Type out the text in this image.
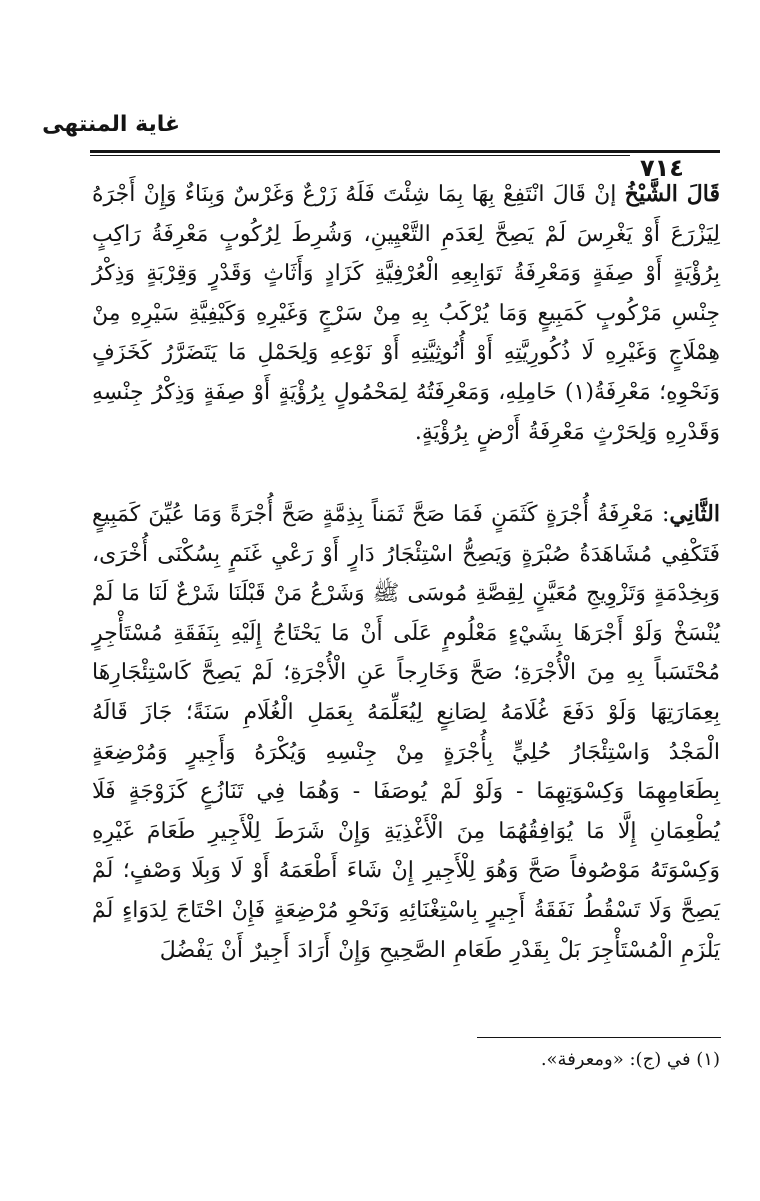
غاية المنتهى
٧١٤
قَالَ الشَّيْخُ إنْ قَالَ انْتَفِعْ بِهَا بِمَا شِئْتَ فَلَهُ زَرْعٌ وَغَرْسٌ وَبِنَاءٌ وَإِنْ أَجْرَهُ لِيَزْرَعَ أَوْ يَغْرِسَ لَمْ يَصِحَّ لِعَدَمِ التَّعْيِينِ، وَشُرِطَ لِرُكُوبٍ مَعْرِفَةُ رَاكِبٍ بِرُؤْيَةٍ أَوْ صِفَةٍ وَمَعْرِفَةُ تَوَابِعِهِ الْعُرْفِيَّةِ كَزَادٍ وَأَثَاثٍ وَقَدْرٍ وَقِرْبَةٍ وَذِكْرُ جِنْسِ مَرْكُوبٍ كَمَبِيعٍ وَمَا يُرْكَبُ بِهِ مِنْ سَرْجٍ وَغَيْرِهِ وَكَيْفِيَّةِ سَيْرِهِ مِنْ هِمْلَاجٍ وَغَيْرِهِ لَا ذُكُورِيَّتِهِ أَوْ أُنُوثِيَّتِهِ أَوْ نَوْعِهِ وَلِحَمْلِ مَا يَتَضَرَّرُ كَخَزَفٍ وَنَحْوِهِ؛ مَعْرِفَةُ(١) حَامِلِهِ، وَمَعْرِفَتُهُ لِمَحْمُولٍ بِرُؤْيَةٍ أَوْ صِفَةٍ وَذِكْرُ جِنْسِهِ وَقَدْرِهِ وَلِحَرْثٍ مَعْرِفَةُ أَرْضٍ بِرُؤْيَةٍ.
الثَّانِي: مَعْرِفَةُ أُجْرَةٍ كَثَمَنٍ فَمَا صَحَّ ثَمَناً بِذِمَّةٍ صَحَّ أُجْرَةً وَمَا عُيِّنَ كَمَبِيعٍ فَتَكْفِي مُشَاهَدَةُ صُبْرَةٍ وَيَصِحُّ اسْتِئْجَارُ دَارٍ أَوْ رَعْيِ غَنَمٍ بِسُكْنَى أُخْرَى، وَبِخِدْمَةٍ وَتَزْوِيجِ مُعَيَّنٍ لِقِصَّةِ مُوسَى ﷺ وَشَرْعُ مَنْ قَبْلَنَا شَرْعٌ لَنَا مَا لَمْ يُنْسَخْ وَلَوْ أَجْرَهَا بِشَيْءٍ مَعْلُومٍ عَلَى أَنْ مَا يَحْتَاجُ إِلَيْهِ بِنَفَقَةِ مُسْتَأْجِرٍ مُحْتَسَباً بِهِ مِنَ الْأُجْرَةِ؛ صَحَّ وَخَارِجاً عَنِ الْأُجْرَةِ؛ لَمْ يَصِحَّ كَاسْتِئْجَارِهَا بِعِمَارَتِهَا وَلَوْ دَفَعَ غُلَامَهُ لِصَانِعٍ لِيُعَلِّمَهُ بِعَمَلِ الْغُلَامِ سَنَةً؛ جَازَ قَالَهُ الْمَجْدُ وَاسْتِئْجَارُ حُلِيٍّ بِأُجْرَةٍ مِنْ جِنْسِهِ وَيُكْرَهُ وَأَجِيرٍ وَمُرْضِعَةٍ بِطَعَامِهِمَا وَكِسْوَتِهِمَا - وَلَوْ لَمْ يُوصَفَا - وَهُمَا فِي تَنَازُعٍ كَزَوْجَةٍ فَلَا يُطْعِمَانِ إِلَّا مَا يُوَافِقُهُمَا مِنَ الْأَغْذِيَةِ وَإِنْ شَرَطَ لِلْأَجِيرِ طَعَامَ غَيْرِهِ وَكِسْوَتَهُ مَوْصُوفاً صَحَّ وَهُوَ لِلْأَجِيرِ إِنْ شَاءَ أَطْعَمَهُ أَوْ لَا وَبِلَا وَصْفٍ؛ لَمْ يَصِحَّ وَلَا تَسْقُطُ نَفَقَةُ أَجِيرٍ بِاسْتِغْنَائِهِ وَنَحْوِ مُرْضِعَةٍ فَإِنْ احْتَاجَ لِدَوَاءٍ لَمْ يَلْزَمِ الْمُسْتَأْجِرَ بَلْ بِقَدْرِ طَعَامِ الصَّحِيحِ وَإِنْ أَرَادَ أَجِيرٌ أَنْ يَفْضُلَ
(١) في (ج): «ومعرفة».
